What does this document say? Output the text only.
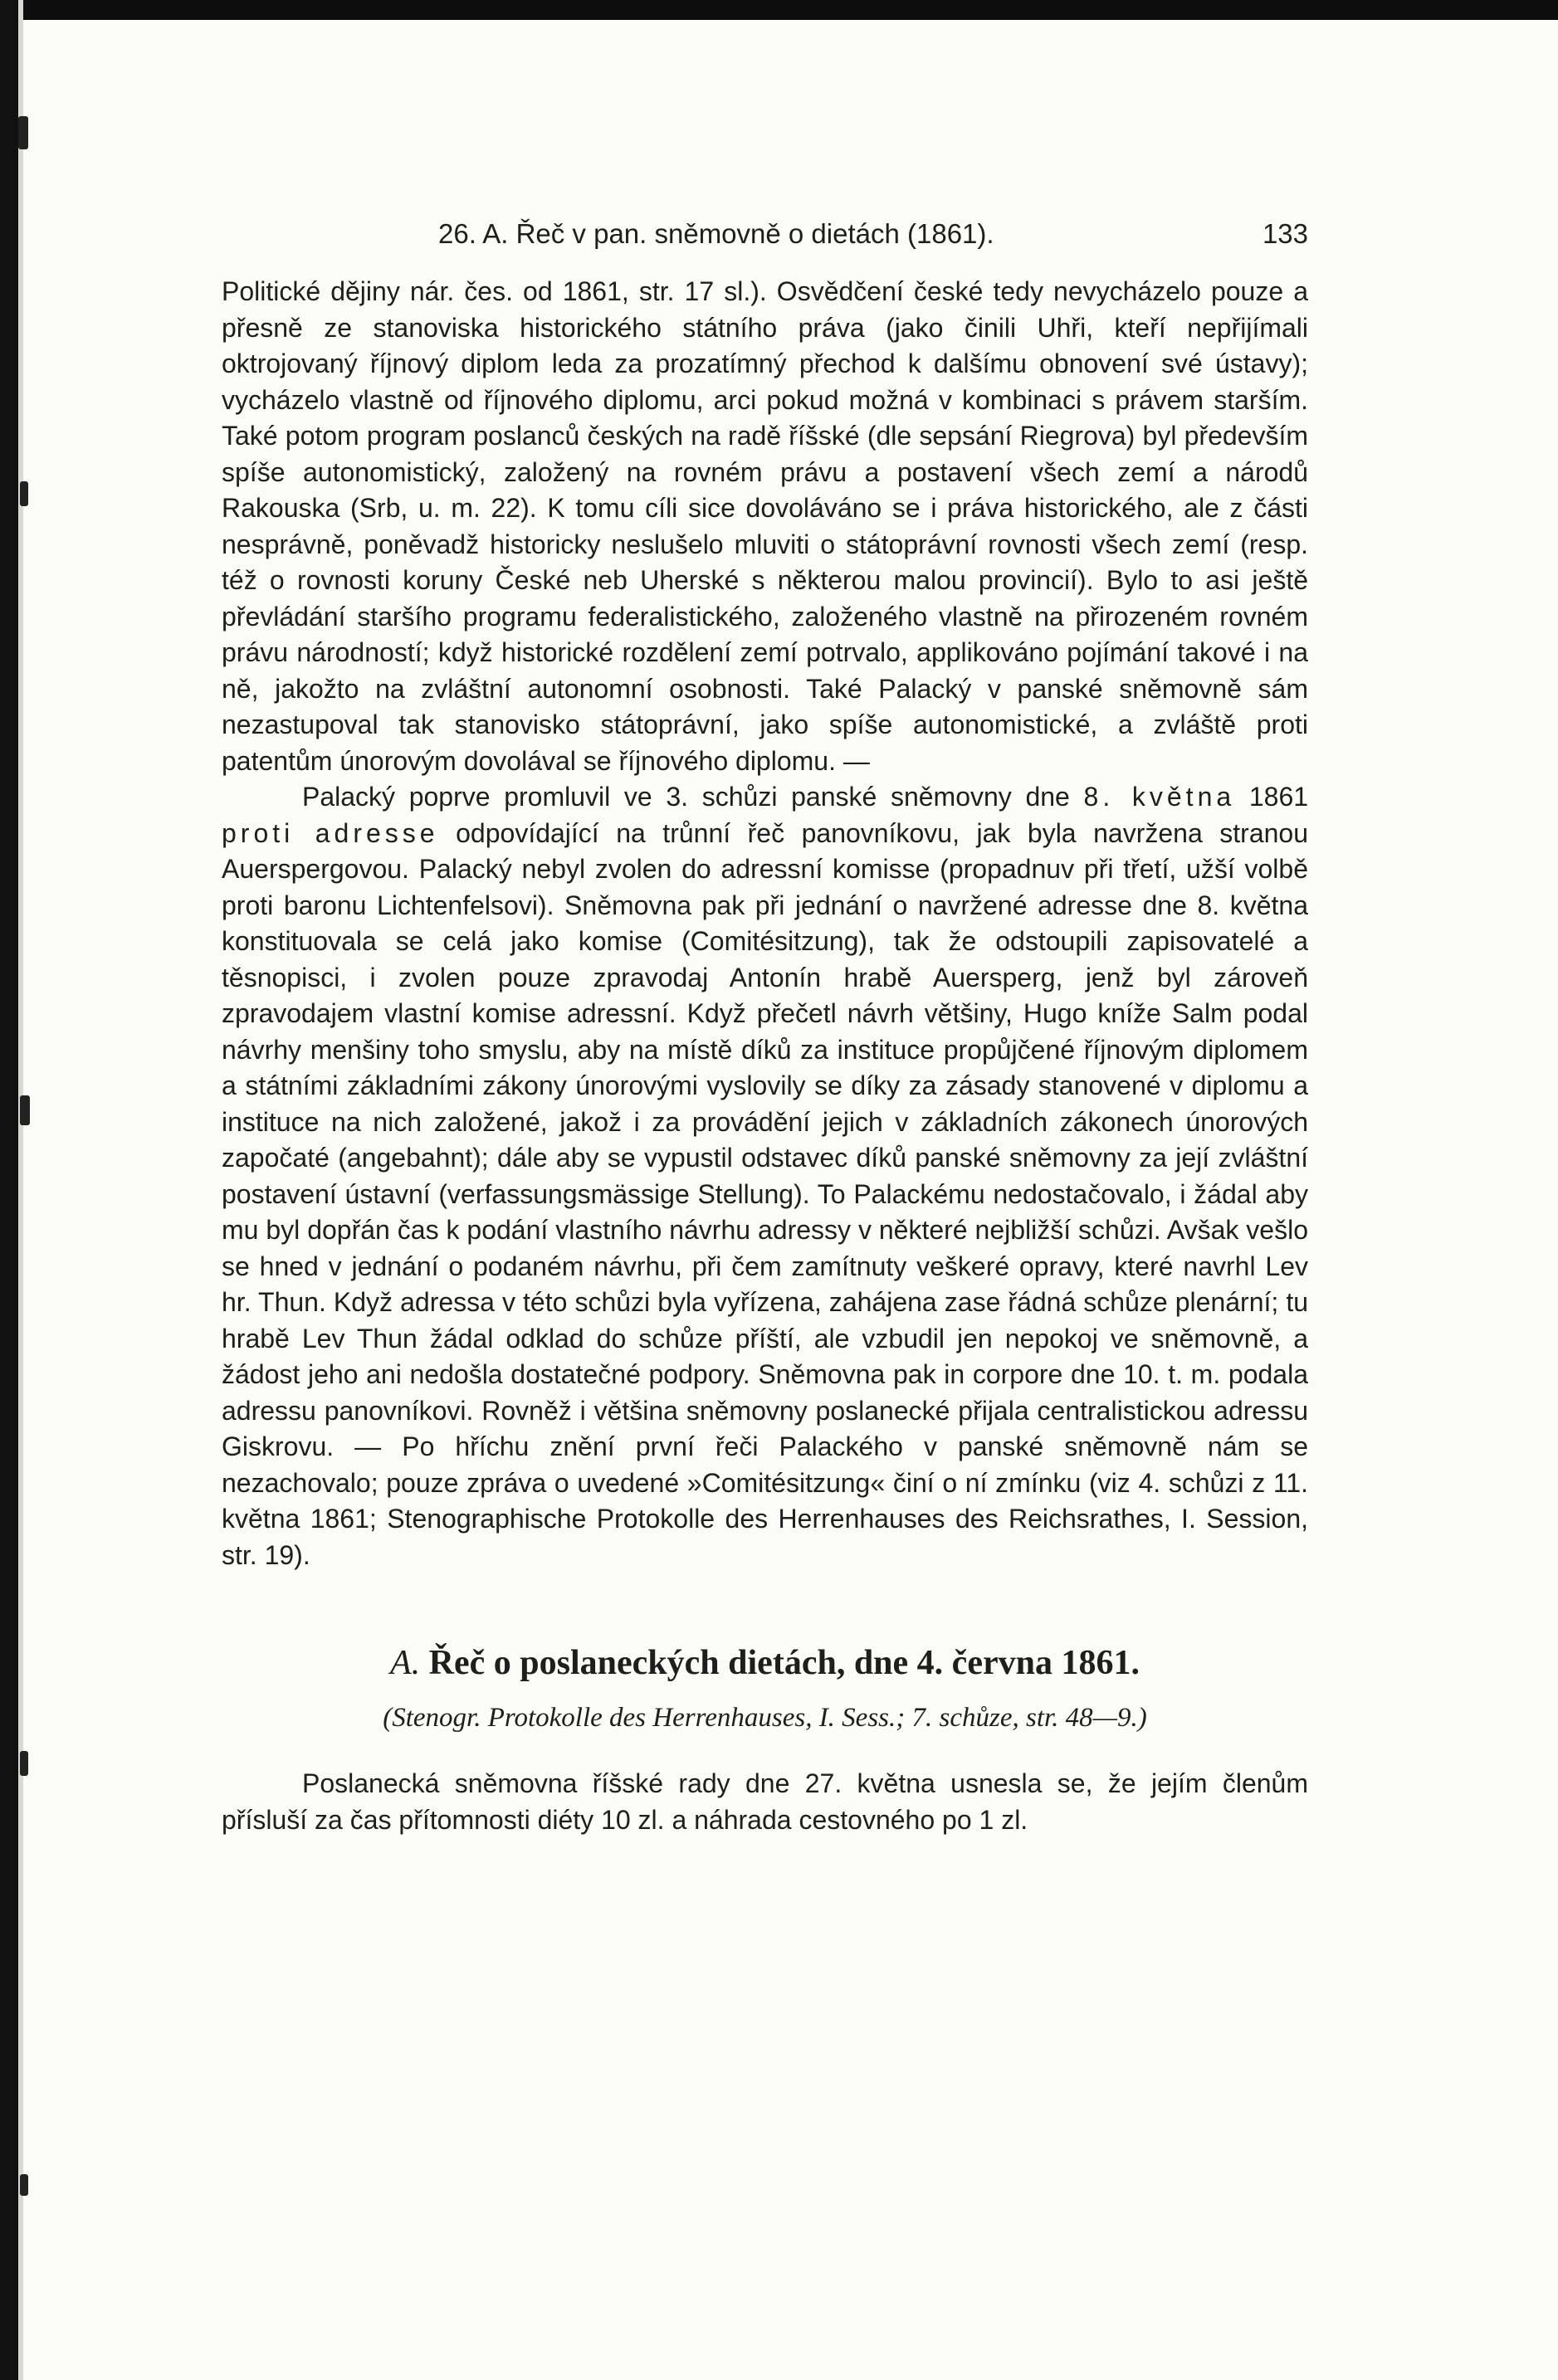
26. A. Řeč v pan. sněmovně o dietách (1861).	133

Politické dějiny nár. čes. od 1861, str. 17 sl.). Osvědčení české tedy nevycházelo pouze a přesně ze stanoviska historického státního práva (jako činili Uhři, kteří nepřijímali oktrojovaný říjnový diplom leda za prozatímný přechod k dalšímu obnovení své ústavy); vycházelo vlastně od říjnového diplomu, arci pokud možná v kombinaci s právem starším. Také potom program poslanců českých na radě říšské (dle sepsání Riegrova) byl především spíše autonomistický, založený na rovném právu a postavení všech zemí a národů Rakouska (Srb, u. m. 22). K tomu cíli sice dovoláváno se i práva historického, ale z části nesprávně, poněvadž historicky neslušelo mluviti o státoprávní rovnosti všech zemí (resp. též o rovnosti koruny České neb Uherské s některou malou provincií). Bylo to asi ještě převládání staršího programu federalistického, založeného vlastně na přirozeném rovném právu národností; když historické rozdělení zemí potrvalo, applikováno pojímání takové i na ně, jakožto na zvláštní autonomní osobnosti. Také Palacký v panské sněmovně sám nezastupoval tak stanovisko státoprávní, jako spíše autonomistické, a zvláště proti patentům únorovým dovolával se říjnového diplomu. —

Palacký poprve promluvil ve 3. schůzi panské sněmovny dne 8. května 1861 proti adresse odpovídající na trůnní řeč panovníkovu, jak byla navržena stranou Auerspergovou. Palacký nebyl zvolen do adressní komisse (propadnuv při třetí, užší volbě proti baronu Lichtenfelsovi). Sněmovna pak při jednání o navržené adresse dne 8. května konstituovala se celá jako komise (Comitésitzung), tak že odstoupili zapisovatelé a těsnopisci, i zvolen pouze zpravodaj Antonín hrabě Auersperg, jenž byl zároveň zpravodajem vlastní komise adressní. Když přečetl návrh většiny, Hugo kníže Salm podal návrhy menšiny toho smyslu, aby na místě díků za instituce propůjčené říjnovým diplomem a státními základními zákony únorovými vyslovily se díky za zásady stanovené v diplomu a instituce na nich založené, jakož i za provádění jejich v základních zákonech únorových započaté (angebahnt); dále aby se vypustil odstavec díků panské sněmovny za její zvláštní postavení ústavní (verfassungsmässige Stellung). To Palackému nedostačovalo, i žádal aby mu byl dopřán čas k podání vlastního návrhu adressy v některé nejbližší schůzi. Avšak vešlo se hned v jednání o podaném návrhu, při čem zamítnuty veškeré opravy, které navrhl Lev hr. Thun. Když adressa v této schůzi byla vyřízena, zahájena zase řádná schůze plenární; tu hrabě Lev Thun žádal odklad do schůze příští, ale vzbudil jen nepokoj ve sněmovně, a žádost jeho ani nedošla dostatečné podpory. Sněmovna pak in corpore dne 10. t. m. podala adressu panovníkovi. Rovněž i většina sněmovny poslanecké přijala centralistickou adressu Giskrovu. — Po hříchu znění první řeči Palackého v panské sněmovně nám se nezachovalo; pouze zpráva o uvedené »Comitésitzung« činí o ní zmínku (viz 4. schůzi z 11. května 1861; Stenographische Protokolle des Herrenhauses des Reichsrathes, I. Session, str. 19).

A. Řeč o poslaneckých dietách, dne 4. června 1861.
(Stenogr. Protokolle des Herrenhauses, I. Sess.; 7. schůze, str. 48—9.)

Poslanecká sněmovna říšské rady dne 27. května usnesla se, že jejím členům přísluší za čas přítomnosti diéty 10 zl. a náhrada cestovného po 1 zl.
